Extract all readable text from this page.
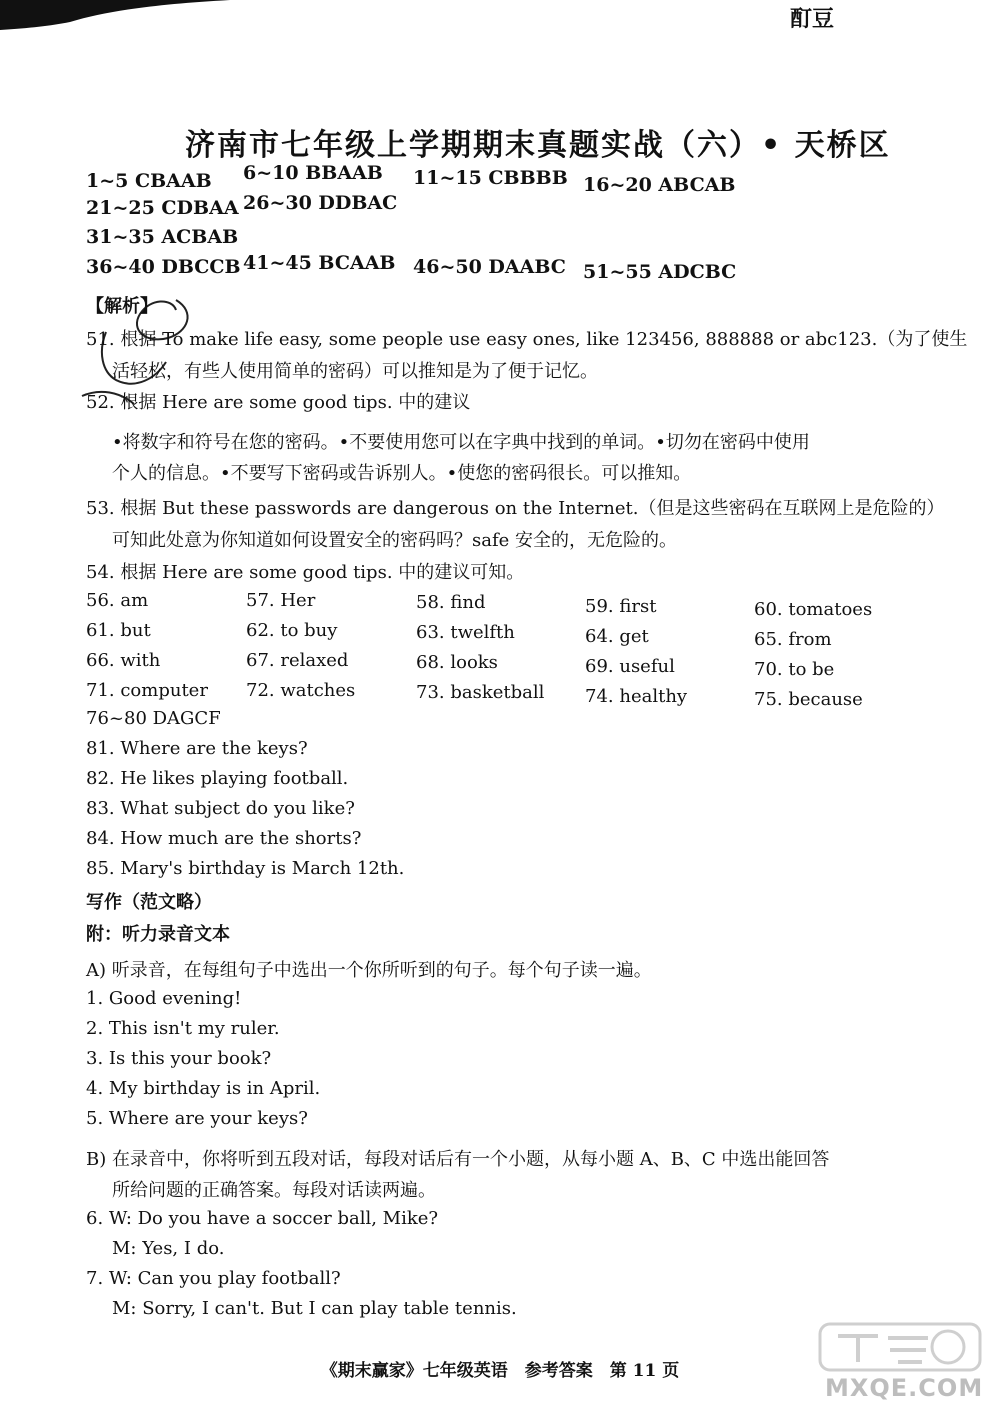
酊豆
济南市七年级上学期期末真题实战（六）• 天桥区
1~5 CBAAB 6~10 BBAAB 11~15 CBBBB 16~20 ABCAB
21~25 CDBAA 26~30 DDBAC
31~35 ACBAB
36~40 DBCCB 41~45 BCAAB 46~50 DAABC 51~55 ADCBC
【解析】
51. 根据 To make life easy, some people use easy ones, like 123456, 888888 or abc123.（为了使生
活轻松，有些人使用简单的密码）可以推知是为了便于记忆。
52. 根据 Here are some good tips. 中的建议
•将数字和符号在您的密码。•不要使用您可以在字典中找到的单词。•切勿在密码中使用
个人的信息。•不要写下密码或告诉别人。•使您的密码很长。可以推知。
53. 根据 But these passwords are dangerous on the Internet.（但是这些密码在互联网上是危险的）
可知此处意为你知道如何设置安全的密码吗？safe 安全的，无危险的。
54. 根据 Here are some good tips. 中的建议可知。
56. am	57. Her	58. find	59. first	60. tomatoes
61. but	62. to buy	63. twelfth	64. get	65. from
66. with	67. relaxed	68. looks	69. useful	70. to be
71. computer 72. watches	73. basketball 74. healthy	75. because
76~80 DAGCF
81. Where are the keys?
82. He likes playing football.
83. What subject do you like?
84. How much are the shorts?
85. Mary's birthday is March 12th.
写作（范文略）
附：听力录音文本
A) 听录音，在每组句子中选出一个你所听到的句子。每个句子读一遍。
1. Good evening!
2. This isn't my ruler.
3. Is this your book?
4. My birthday is in April.
5. Where are your keys?
B) 在录音中，你将听到五段对话，每段对话后有一个小题，从每小题 A、B、C 中选出能回答
所给问题的正确答案。每段对话读两遍。
6. W: Do you have a soccer ball, Mike?
M: Yes, I do.
7. W: Can you play football?
M: Sorry, I can't. But I can play table tennis.
《期末赢家》七年级英语　参考答案　第 11 页
MXQE.COM
